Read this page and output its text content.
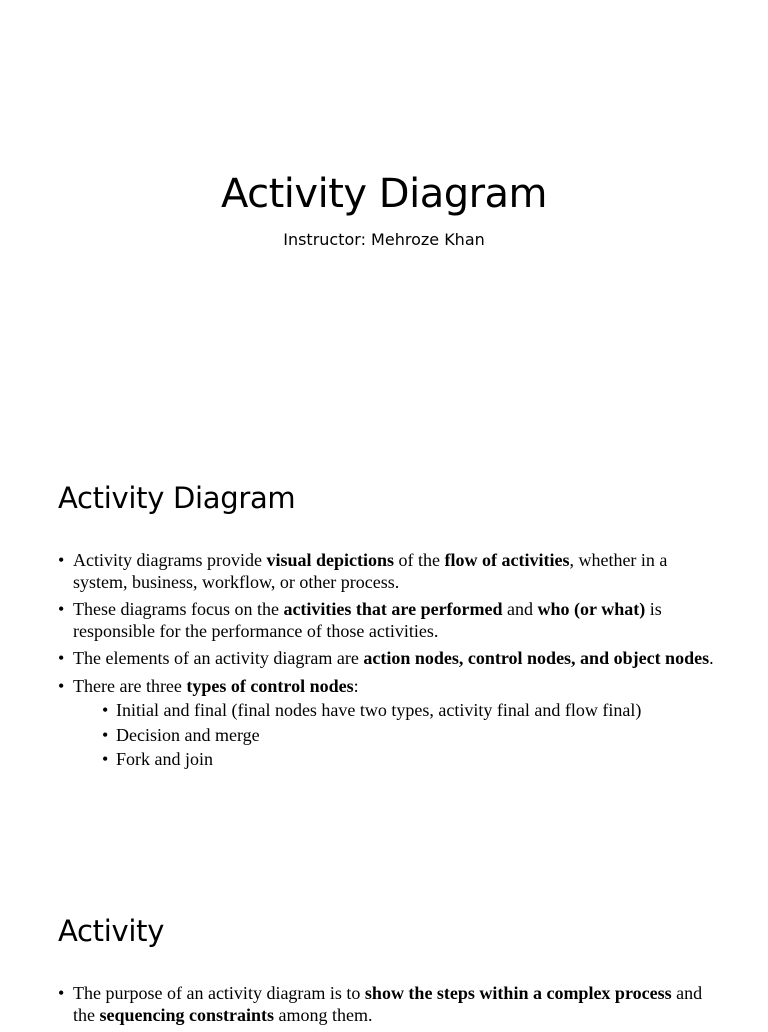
Activity Diagram
Instructor: Mehroze Khan
Activity Diagram
• Activity diagrams provide visual depictions of the flow of activities, whether in a system, business, workflow, or other process.
• These diagrams focus on the activities that are performed and who (or what) is responsible for the performance of those activities.
• The elements of an activity diagram are action nodes, control nodes, and object nodes.
• There are three types of control nodes:
• Initial and final (final nodes have two types, activity final and flow final)
• Decision and merge
• Fork and join
Activity
• The purpose of an activity diagram is to show the steps within a complex process and the sequencing constraints among them.
